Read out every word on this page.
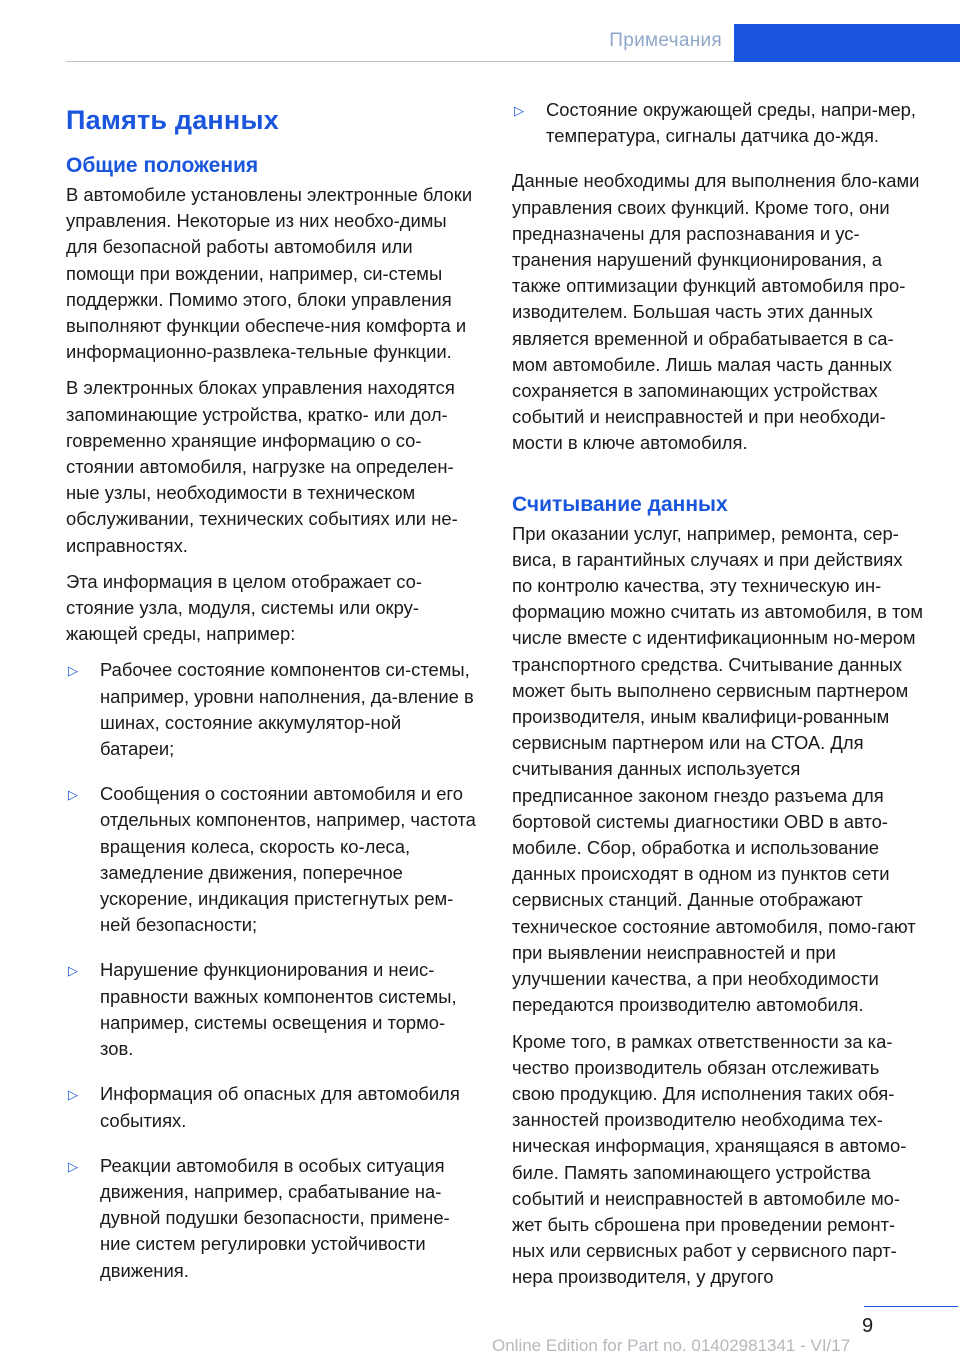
Примечания
Память данных
Общие положения

В автомобиле установлены электронные блоки управления. Некоторые из них необхо-димы для безопасной работы автомобиля или помощи при вождении, например, си-стемы поддержки. Помимо этого, блоки управления выполняют функции обеспече-ния комфорта и информационно-развлека-тельные функции.

В электронных блоках управления находятся запоминающие устройства, кратко- или дол-говременно хранящие информацию о со-стоянии автомобиля, нагрузке на определен-ные узлы, необходимости в техническом обслуживании, технических событиях или не-исправностях.

Эта информация в целом отображает со-стояние узла, модуля, системы или окру-жающей среды, например:

▷ Рабочее состояние компонентов си-стемы, например, уровни наполнения, да-вление в шинах, состояние аккумулятор-ной батареи;
▷ Сообщения о состоянии автомобиля и его отдельных компонентов, например, частота вращения колеса, скорость ко-леса, замедление движения, поперечное ускорение, индикация пристегнутых рем-ней безопасности;
▷ Нарушение функционирования и неис-правности важных компонентов системы, например, системы освещения и тормо-зов.
▷ Информация об опасных для автомобиля событиях.
▷ Реакции автомобиля в особых ситуация движения, например, срабатывание на-дувной подушки безопасности, примене-ние систем регулировки устойчивости движения.
▷ Состояние окружающей среды, напри-мер, температура, сигналы датчика до-ждя.

Данные необходимы для выполнения бло-ками управления своих функций. Кроме того, они предназначены для распознавания и ус-транения нарушений функционирования, а также оптимизации функций автомобиля про-изводителем. Большая часть этих данных является временной и обрабатывается в са-мом автомобиле. Лишь малая часть данных сохраняется в запоминающих устройствах событий и неисправностей и при необходи-мости в ключе автомобиля.

Считывание данных

При оказании услуг, например, ремонта, сер-виса, в гарантийных случаях и при действиях по контролю качества, эту техническую ин-формацию можно считать из автомобиля, в том числе вместе с идентификационным но-мером транспортного средства. Считывание данных может быть выполнено сервисным партнером производителя, иным квалифици-рованным сервисным партнером или на СТОА. Для считывания данных используется предписанное законом гнездо разъема для бортовой системы диагностики OBD в авто-мобиле. Сбор, обработка и использование данных происходят в одном из пунктов сети сервисных станций. Данные отображают техническое состояние автомобиля, помо-гают при выявлении неисправностей и при улучшении качества, а при необходимости передаются производителю автомобиля.

Кроме того, в рамках ответственности за ка-чество производитель обязан отслеживать свою продукцию. Для исполнения таких обя-занностей производителю необходима тех-ническая информация, хранящаяся в автомо-биле. Память запоминающего устройства событий и неисправностей в автомобиле мо-жет быть сброшена при проведении ремонт-ных или сервисных работ у сервисного парт-нера производителя, у другого

9
Online Edition for Part no. 01402981341 - VI/17
